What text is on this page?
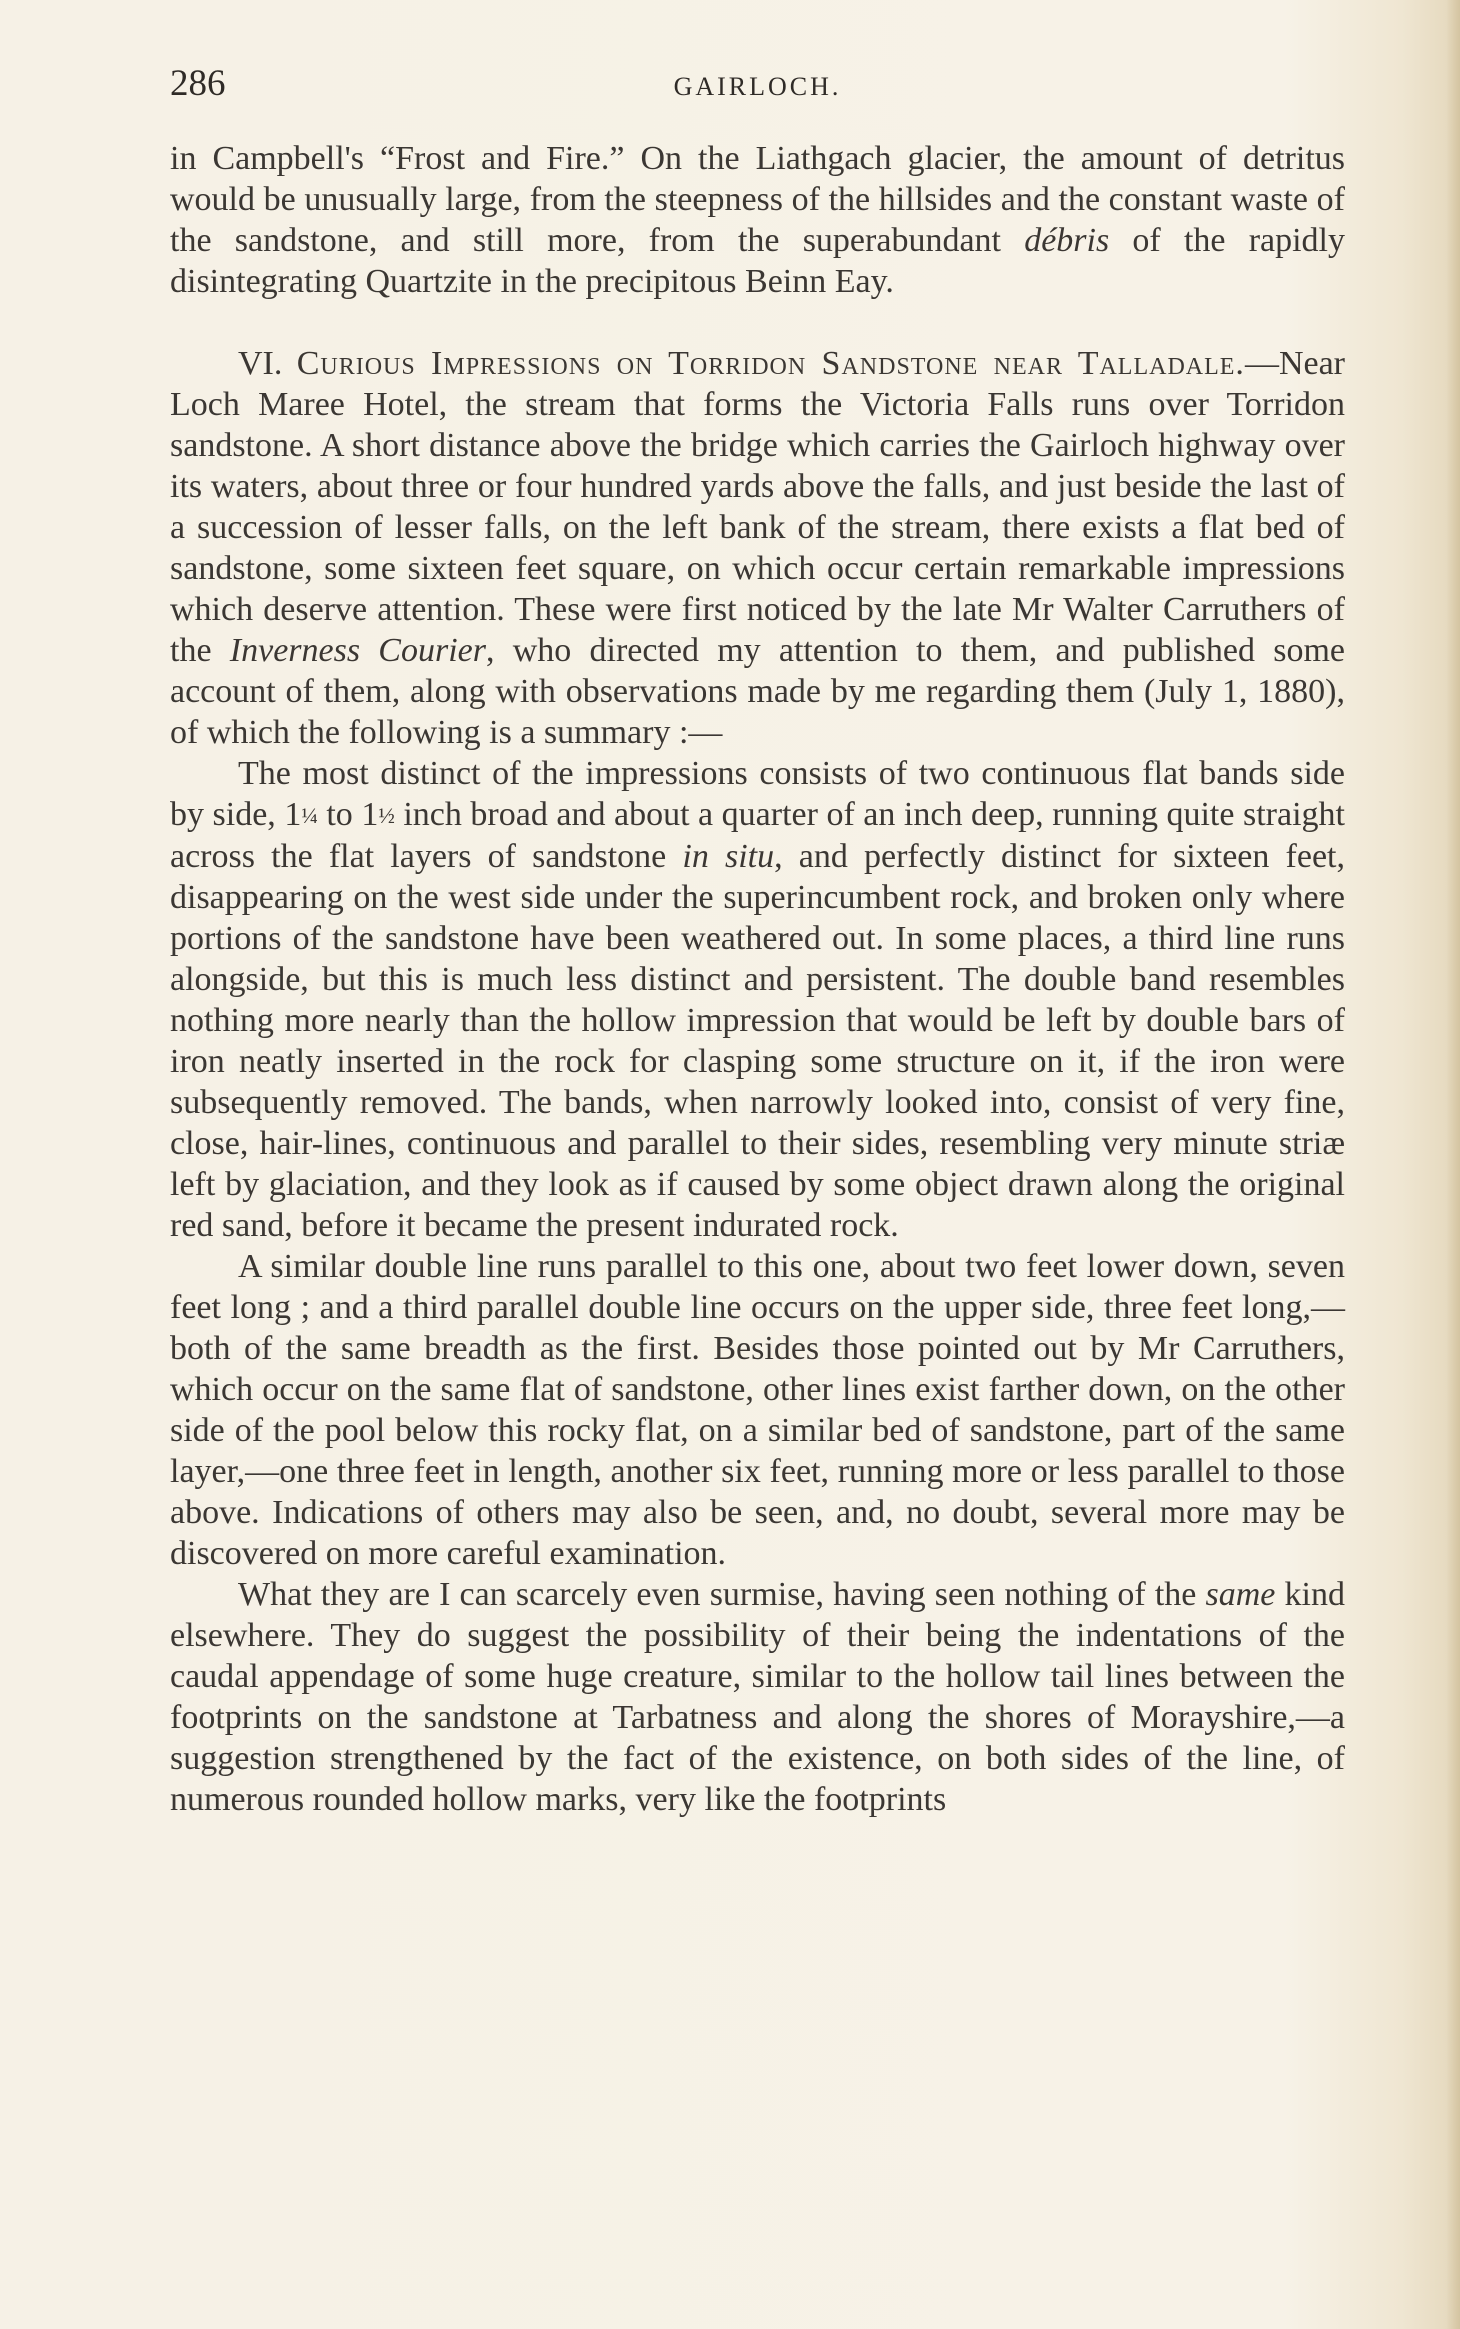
286	GAIRLOCH.

in Campbell's “Frost and Fire.” On the Liathgach glacier, the amount of detritus would be unusually large, from the steepness of the hillsides and the constant waste of the sandstone, and still more, from the superabundant débris of the rapidly disintegrating Quartzite in the precipitous Beinn Eay.

VI. Curious Impressions on Torridon Sandstone near Talladale.—Near Loch Maree Hotel, the stream that forms the Victoria Falls runs over Torridon sandstone. A short distance above the bridge which carries the Gairloch highway over its waters, about three or four hundred yards above the falls, and just beside the last of a succession of lesser falls, on the left bank of the stream, there exists a flat bed of sandstone, some sixteen feet square, on which occur certain remarkable impressions which deserve attention. These were first noticed by the late Mr Walter Carruthers of the Inverness Courier, who directed my attention to them, and published some account of them, along with observations made by me regarding them (July 1, 1880), of which the following is a summary :—

The most distinct of the impressions consists of two continuous flat bands side by side, 1¼ to 1½ inch broad and about a quarter of an inch deep, running quite straight across the flat layers of sandstone in situ, and perfectly distinct for sixteen feet, disappearing on the west side under the superincumbent rock, and broken only where portions of the sandstone have been weathered out. In some places, a third line runs alongside, but this is much less distinct and persistent. The double band resembles nothing more nearly than the hollow impression that would be left by double bars of iron neatly inserted in the rock for clasping some structure on it, if the iron were subsequently removed. The bands, when narrowly looked into, consist of very fine, close, hair-lines, continuous and parallel to their sides, resembling very minute striæ left by glaciation, and they look as if caused by some object drawn along the original red sand, before it became the present indurated rock.

A similar double line runs parallel to this one, about two feet lower down, seven feet long ; and a third parallel double line occurs on the upper side, three feet long,—both of the same breadth as the first. Besides those pointed out by Mr Carruthers, which occur on the same flat of sandstone, other lines exist farther down, on the other side of the pool below this rocky flat, on a similar bed of sandstone, part of the same layer,—one three feet in length, another six feet, running more or less parallel to those above. Indications of others may also be seen, and, no doubt, several more may be discovered on more careful examination.

What they are I can scarcely even surmise, having seen nothing of the same kind elsewhere. They do suggest the possibility of their being the indentations of the caudal appendage of some huge creature, similar to the hollow tail lines between the footprints on the sandstone at Tarbatness and along the shores of Morayshire,—a suggestion strengthened by the fact of the existence, on both sides of the line, of numerous rounded hollow marks, very like the footprints
